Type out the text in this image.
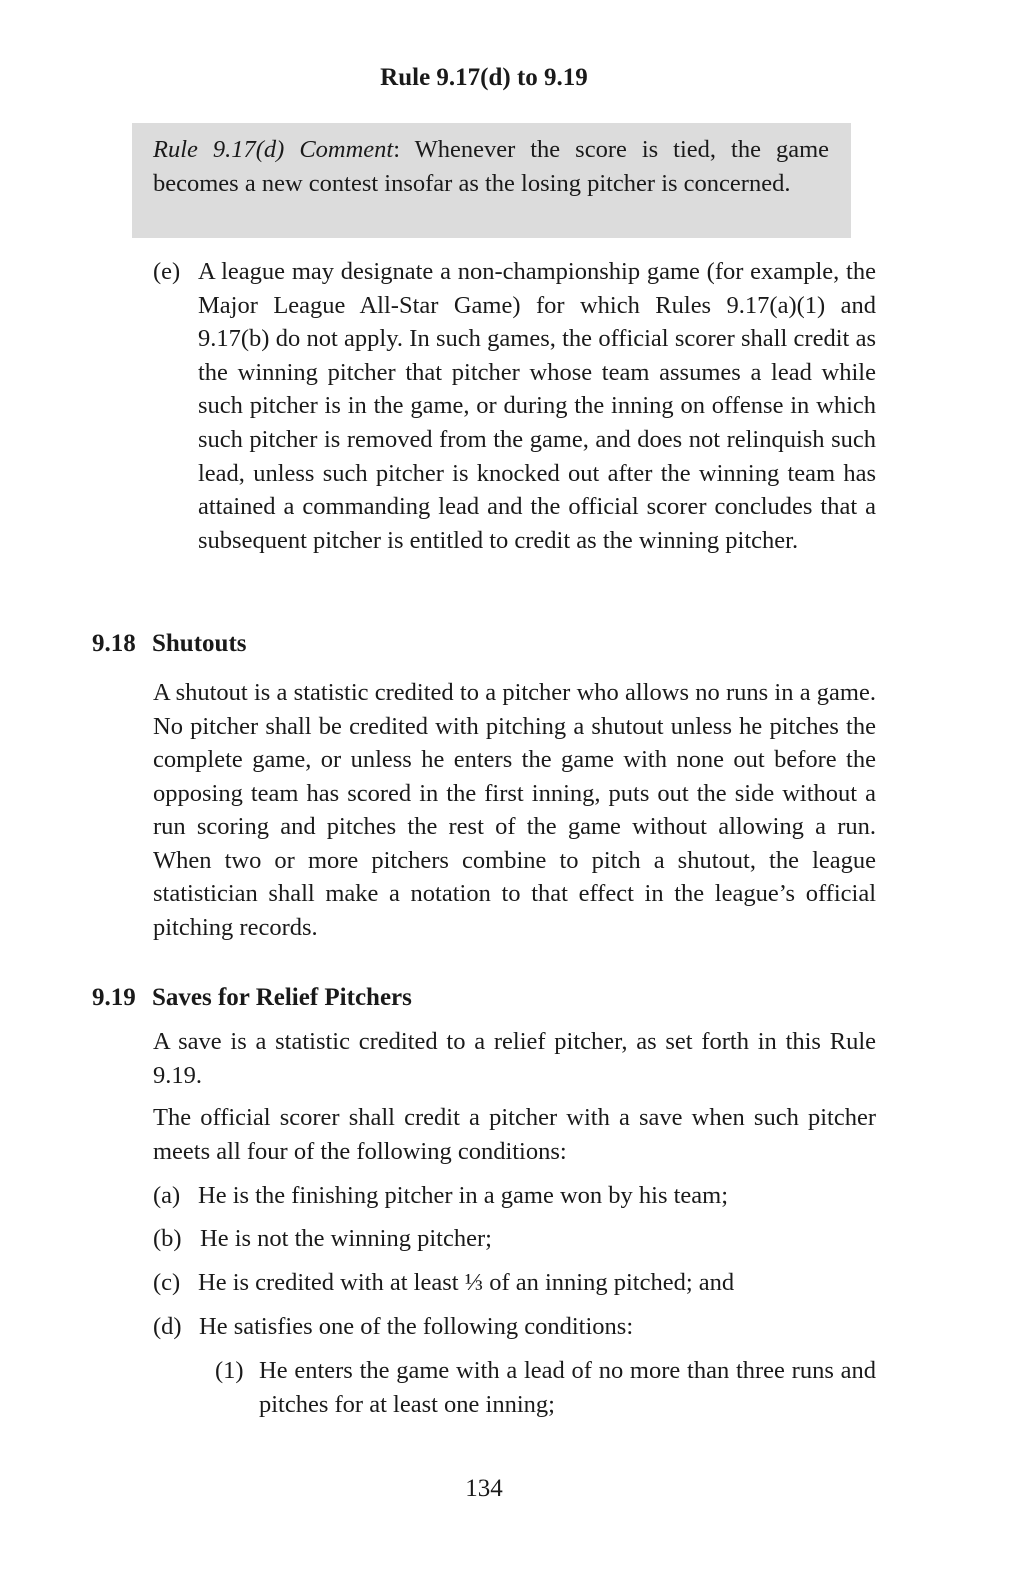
Rule 9.17(d) to 9.19
Rule 9.17(d) Comment: Whenever the score is tied, the game becomes a new contest insofar as the losing pitcher is concerned.
(e) A league may designate a non-championship game (for example, the Major League All-Star Game) for which Rules 9.17(a)(1) and 9.17(b) do not apply. In such games, the official scorer shall credit as the winning pitcher that pitcher whose team assumes a lead while such pitcher is in the game, or during the inning on offense in which such pitcher is removed from the game, and does not relinquish such lead, unless such pitcher is knocked out after the winning team has attained a commanding lead and the official scorer concludes that a subsequent pitcher is entitled to credit as the winning pitcher.
9.18 Shutouts
A shutout is a statistic credited to a pitcher who allows no runs in a game. No pitcher shall be credited with pitching a shutout unless he pitches the complete game, or unless he enters the game with none out before the opposing team has scored in the first inning, puts out the side without a run scoring and pitches the rest of the game without allowing a run. When two or more pitchers combine to pitch a shutout, the league statistician shall make a notation to that effect in the league’s official pitching records.
9.19 Saves for Relief Pitchers
A save is a statistic credited to a relief pitcher, as set forth in this Rule 9.19.
The official scorer shall credit a pitcher with a save when such pitcher meets all four of the following conditions:
(a) He is the finishing pitcher in a game won by his team;
(b) He is not the winning pitcher;
(c) He is credited with at least ⅓ of an inning pitched; and
(d) He satisfies one of the following conditions:
(1) He enters the game with a lead of no more than three runs and pitches for at least one inning;
134
